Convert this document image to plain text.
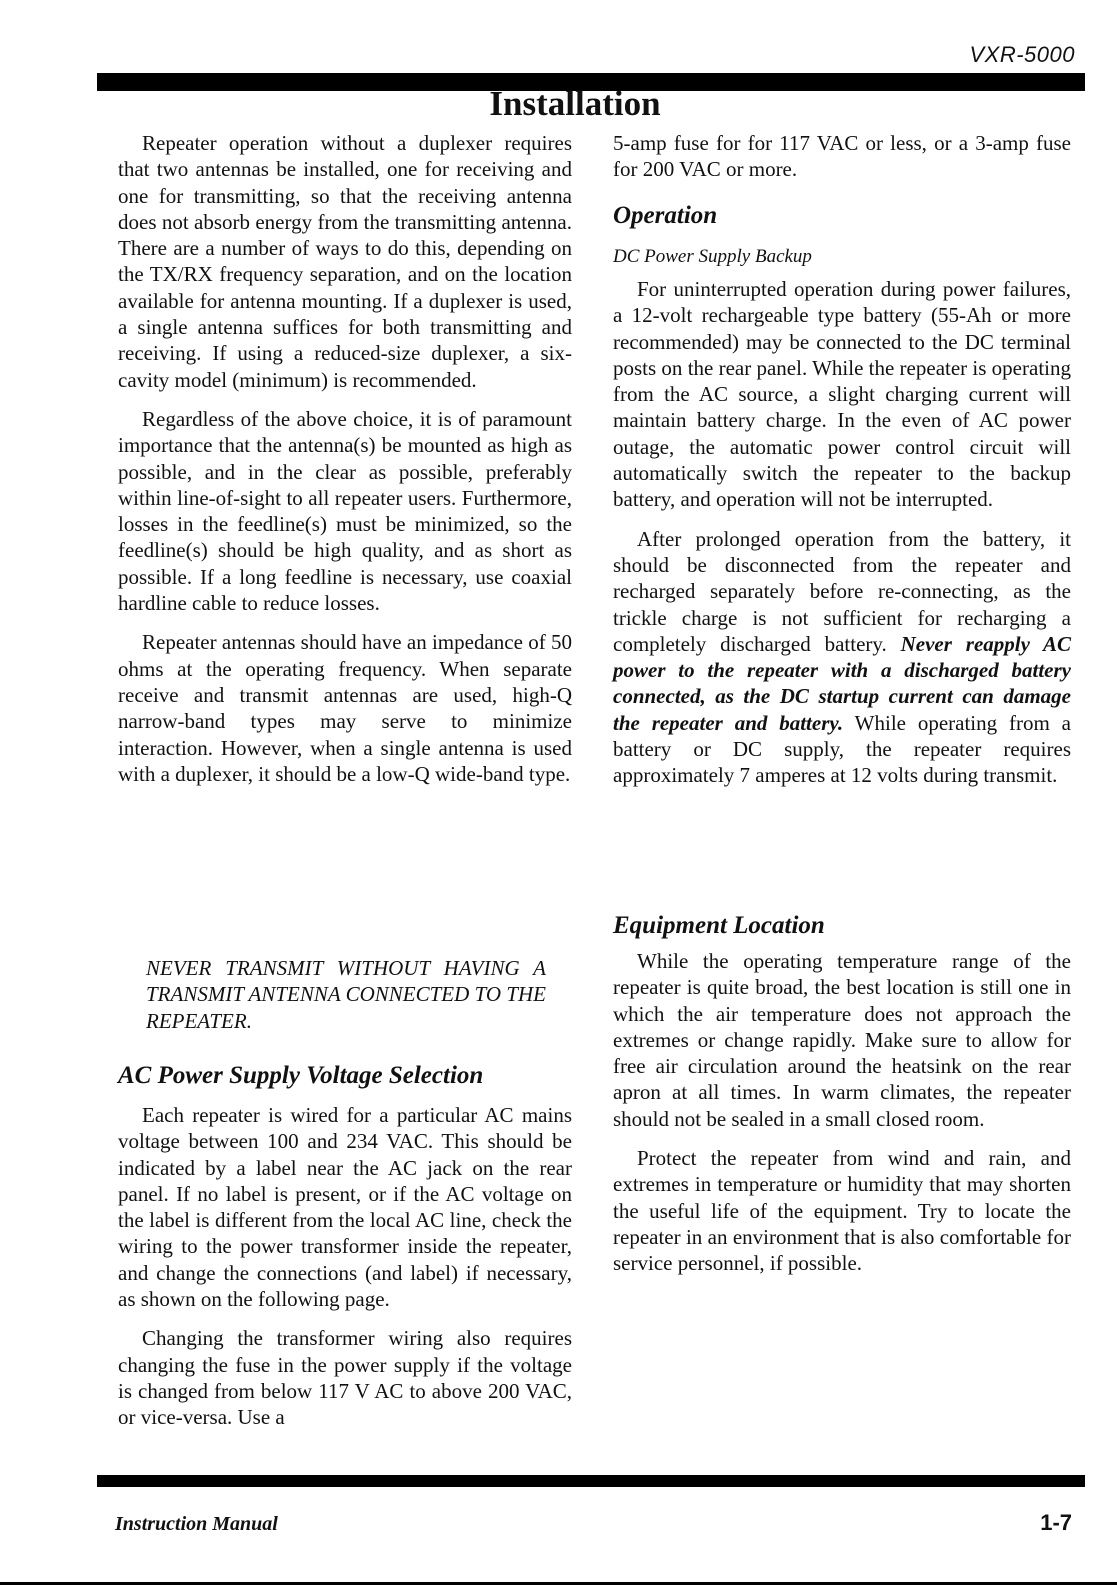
VXR-5000
Installation

Repeater operation without a duplexer requires that two antennas be installed, one for receiving and one for transmitting, so that the receiving antenna does not absorb energy from the transmitting antenna. There are a number of ways to do this, depending on the TX/RX frequency separation, and on the location available for antenna mounting. If a duplexer is used, a single antenna suffices for both transmitting and receiving. If using a reduced-size duplexer, a six-cavity model (minimum) is recommended.

Regardless of the above choice, it is of paramount importance that the antenna(s) be mounted as high as possible, and in the clear as possible, preferably within line-of-sight to all repeater users. Furthermore, losses in the feedline(s) must be minimized, so the feedline(s) should be high quality, and as short as possible. If a long feedline is necessary, use coaxial hardline cable to reduce losses.

Repeater antennas should have an impedance of 50 ohms at the operating frequency. When separate receive and transmit antennas are used, high-Q narrow-band types may serve to minimize interaction. However, when a single antenna is used with a duplexer, it should be a low-Q wide-band type.

NEVER TRANSMIT WITHOUT HAVING A TRANSMIT ANTENNA CONNECTED TO THE REPEATER.
AC Power Supply Voltage Selection

Each repeater is wired for a particular AC mains voltage between 100 and 234 VAC. This should be indicated by a label near the AC jack on the rear panel. If no label is present, or if the AC voltage on the label is different from the local AC line, check the wiring to the power transformer inside the repeater, and change the connections (and label) if necessary, as shown on the following page.

Changing the transformer wiring also requires changing the fuse in the power supply if the voltage is changed from below 117 V AC to above 200 VAC, or vice-versa. Use a

5-amp fuse for for 117 VAC or less, or a 3-amp fuse for 200 VAC or more.

Operation
DC Power Supply Backup

For uninterrupted operation during power failures, a 12-volt rechargeable type battery (55-Ah or more recommended) may be connected to the DC terminal posts on the rear panel. While the repeater is operating from the AC source, a slight charging current will maintain battery charge. In the even of AC power outage, the automatic power control circuit will automatically switch the repeater to the backup battery, and operation will not be interrupted.

After prolonged operation from the battery, it should be disconnected from the repeater and recharged separately before re-connecting, as the trickle charge is not sufficient for recharging a completely discharged battery. Never reapply AC power to the repeater with a discharged battery connected, as the DC startup current can damage the repeater and battery. While operating from a battery or DC supply, the repeater requires approximately 7 amperes at 12 volts during transmit.

Equipment Location

While the operating temperature range of the repeater is quite broad, the best location is still one in which the air temperature does not approach the extremes or change rapidly. Make sure to allow for free air circulation around the heatsink on the rear apron at all times. In warm climates, the repeater should not be sealed in a small closed room.

Protect the repeater from wind and rain, and extremes in temperature or humidity that may shorten the useful life of the equipment. Try to locate the repeater in an environment that is also comfortable for service personnel, if possible.

Instruction Manual	1-7
